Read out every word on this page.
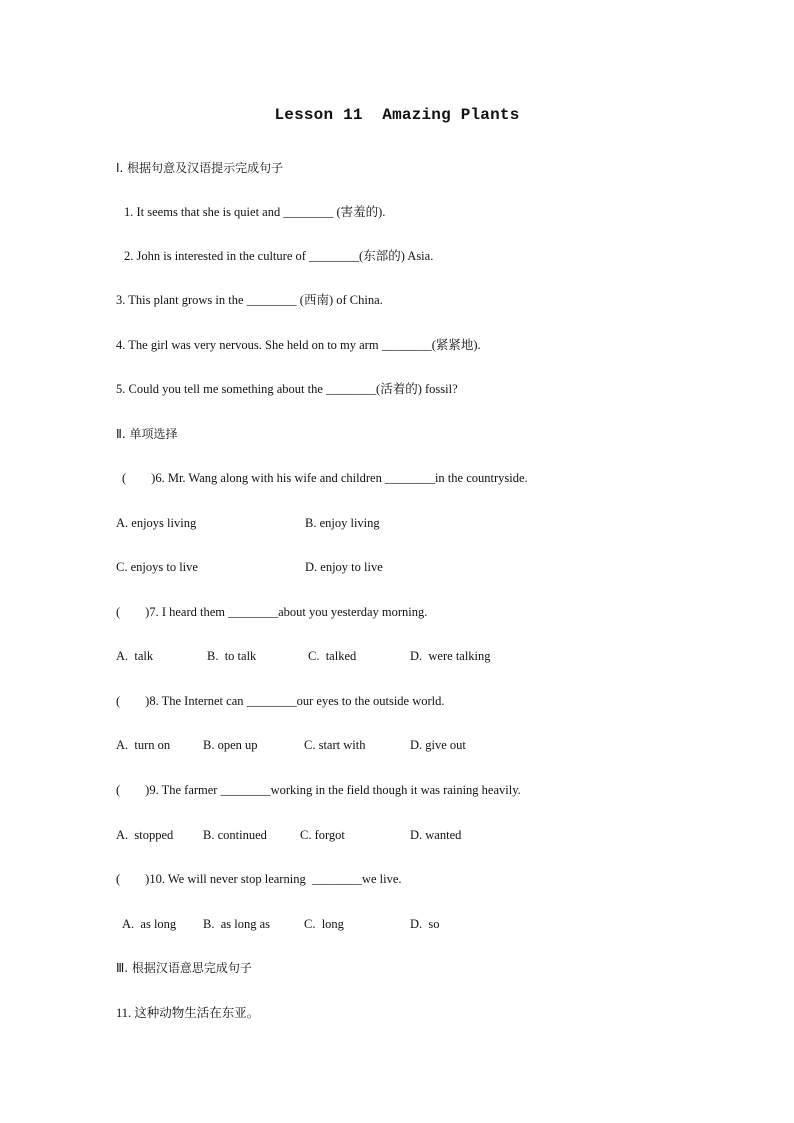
Lesson 11  Amazing Plants
Ⅰ. 根据句意及汉语提示完成句子
1. It seems that she is quiet and ________ (害羞的).
2. John is interested in the culture of ________(东部的) Asia.
3. This plant grows in the ________ (西南) of China.
4. The girl was very nervous. She held on to my arm ________(紧紧地).
5. Could you tell me something about the ________(活着的) fossil?
Ⅱ. 单项选择
(        )6. Mr. Wang along with his wife and children ________in the countryside.
A. enjoys living	B. enjoy living
C. enjoys to live	D. enjoy to live
(        )7. I heard them ________about you yesterday morning.
A.  talk	B.  to talk	C.  talked	D.  were talking
(        )8. The Internet can ________our eyes to the outside world.
A.  turn on	B. open up	C. start with	D. give out
(        )9. The farmer ________working in the field though it was raining heavily.
A.  stopped B. continued	C. forgot	D. wanted
(        )10. We will never stop learning  ________we live.
A.  as long B.  as long as	C.  long	D.  so
Ⅲ. 根据汉语意思完成句子
11. 这种动物生活在东亚。
